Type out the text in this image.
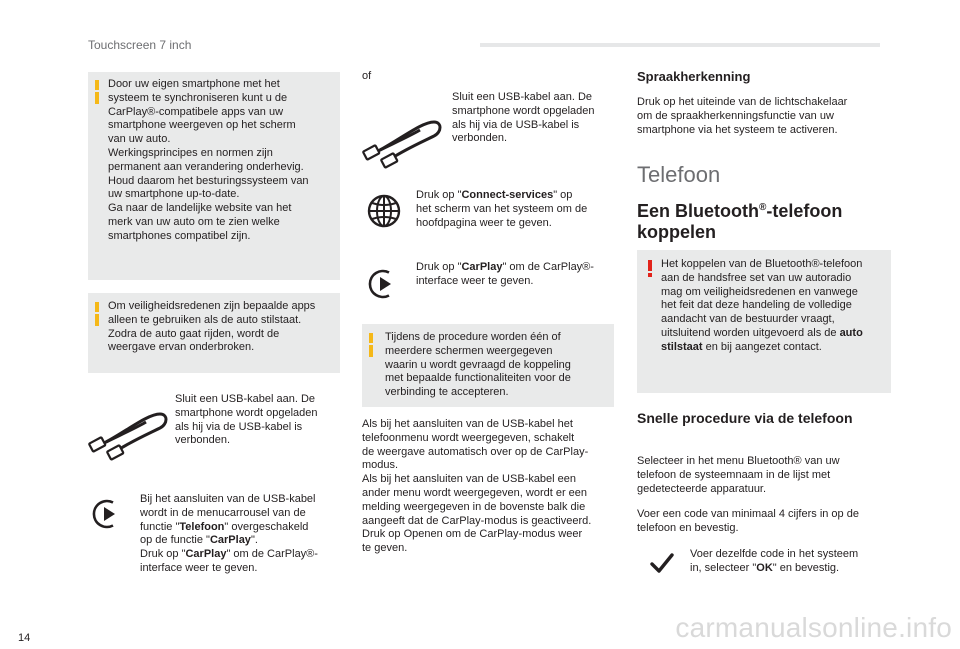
Touchscreen 7 inch
Door uw eigen smartphone met het
systeem te synchroniseren kunt u de
CarPlay®-compatibele apps van uw
smartphone weergeven op het scherm
van uw auto.
Werkingsprincipes en normen zijn
permanent aan verandering onderhevig.
Houd daarom het besturingssysteem van
uw smartphone up-to-date.
Ga naar de landelijke website van het
merk van uw auto om te zien welke
smartphones compatibel zijn.
Om veiligheidsredenen zijn bepaalde apps
alleen te gebruiken als de auto stilstaat.
Zodra de auto gaat rijden, wordt de
weergave ervan onderbroken.
Sluit een USB-kabel aan. De
smartphone wordt opgeladen
als hij via de USB-kabel is
verbonden.
Bij het aansluiten van de USB-kabel
wordt in de menucarrousel van de
functie "Telefoon" overgeschakeld
op de functie "CarPlay".
Druk op "CarPlay" om de CarPlay®-
interface weer te geven.
of
Sluit een USB-kabel aan. De
smartphone wordt opgeladen
als hij via de USB-kabel is
verbonden.
Druk op "Connect-services" op
het scherm van het systeem om de
hoofdpagina weer te geven.
Druk op "CarPlay" om de CarPlay®-
interface weer te geven.
Tijdens de procedure worden één of
meerdere schermen weergegeven
waarin u wordt gevraagd de koppeling
met bepaalde functionaliteiten voor de
verbinding te accepteren.
Als bij het aansluiten van de USB-kabel het
telefoonmenu wordt weergegeven, schakelt
de weergave automatisch over op de CarPlay-
modus.
Als bij het aansluiten van de USB-kabel een
ander menu wordt weergegeven, wordt er een
melding weergegeven in de bovenste balk die
aangeeft dat de CarPlay-modus is geactiveerd.
Druk op Openen om de CarPlay-modus weer
te geven.
Spraakherkenning
Druk op het uiteinde van de lichtschakelaar
om de spraakherkenningsfunctie van uw
smartphone via het systeem te activeren.
Telefoon
Een Bluetooth®-telefoon
koppelen
Het koppelen van de Bluetooth®-telefoon
aan de handsfree set van uw autoradio
mag om veiligheidsredenen en vanwege
het feit dat deze handeling de volledige
aandacht van de bestuurder vraagt,
uitsluitend worden uitgevoerd als de auto
stilstaat en bij aangezet contact.
Snelle procedure via de telefoon
Selecteer in het menu Bluetooth® van uw
telefoon de systeemnaam in de lijst met
gedetecteerde apparatuur.
Voer een code van minimaal 4 cijfers in op de
telefoon en bevestig.
Voer dezelfde code in het systeem
in, selecteer "OK" en bevestig.
14	carmanualsonline.info
